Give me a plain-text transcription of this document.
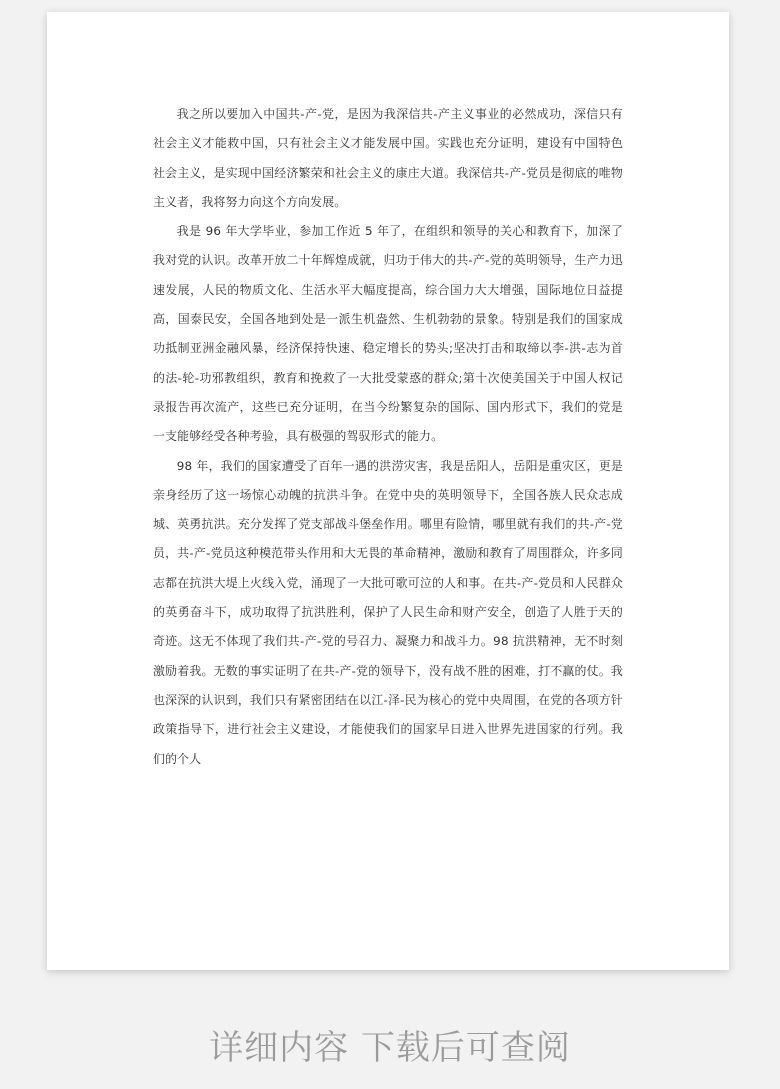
我之所以要加入中国共-产-党，是因为我深信共-产主义事业的必然成功，深信只有社会主义才能救中国，只有社会主义才能发展中国。实践也充分证明，建设有中国特色社会主义，是实现中国经济繁荣和社会主义的康庄大道。我深信共-产-党员是彻底的唯物主义者，我将努力向这个方向发展。

我是 96 年大学毕业，参加工作近 5 年了，在组织和领导的关心和教育下，加深了我对党的认识。改革开放二十年辉煌成就，归功于伟大的共-产-党的英明领导，生产力迅速发展，人民的物质文化、生活水平大幅度提高，综合国力大大增强，国际地位日益提高，国泰民安，全国各地到处是一派生机盎然、生机勃勃的景象。特别是我们的国家成功抵制亚洲金融风暴，经济保持快速、稳定增长的势头;坚决打击和取缔以李-洪-志为首的法-轮-功邪教组织，教育和挽救了一大批受蒙惑的群众;第十次使美国关于中国人权记录报告再次流产，这些已充分证明，在当今纷繁复杂的国际、国内形式下，我们的党是一支能够经受各种考验，具有极强的驾驭形式的能力。

98 年，我们的国家遭受了百年一遇的洪涝灾害，我是岳阳人，岳阳是重灾区，更是亲身经历了这一场惊心动魄的抗洪斗争。在党中央的英明领导下，全国各族人民众志成城、英勇抗洪。充分发挥了党支部战斗堡垒作用。哪里有险情，哪里就有我们的共-产-党员，共-产-党员这种模范带头作用和大无畏的革命精神，激励和教育了周围群众，许多同志都在抗洪大堤上火线入党，涌现了一大批可歌可泣的人和事。在共-产-党员和人民群众的英勇奋斗下，成功取得了抗洪胜利，保护了人民生命和财产安全，创造了人胜于天的奇迹。这无不体现了我们共-产-党的号召力、凝聚力和战斗力。98 抗洪精神，无不时刻激励着我。无数的事实证明了在共-产-党的领导下，没有战不胜的困难，打不赢的仗。我也深深的认识到，我们只有紧密团结在以江-泽-民为核心的党中央周围，在党的各项方针政策指导下，进行社会主义建设，才能使我们的国家早日进入世界先进国家的行列。我们的个人

详细内容 下载后可查阅
